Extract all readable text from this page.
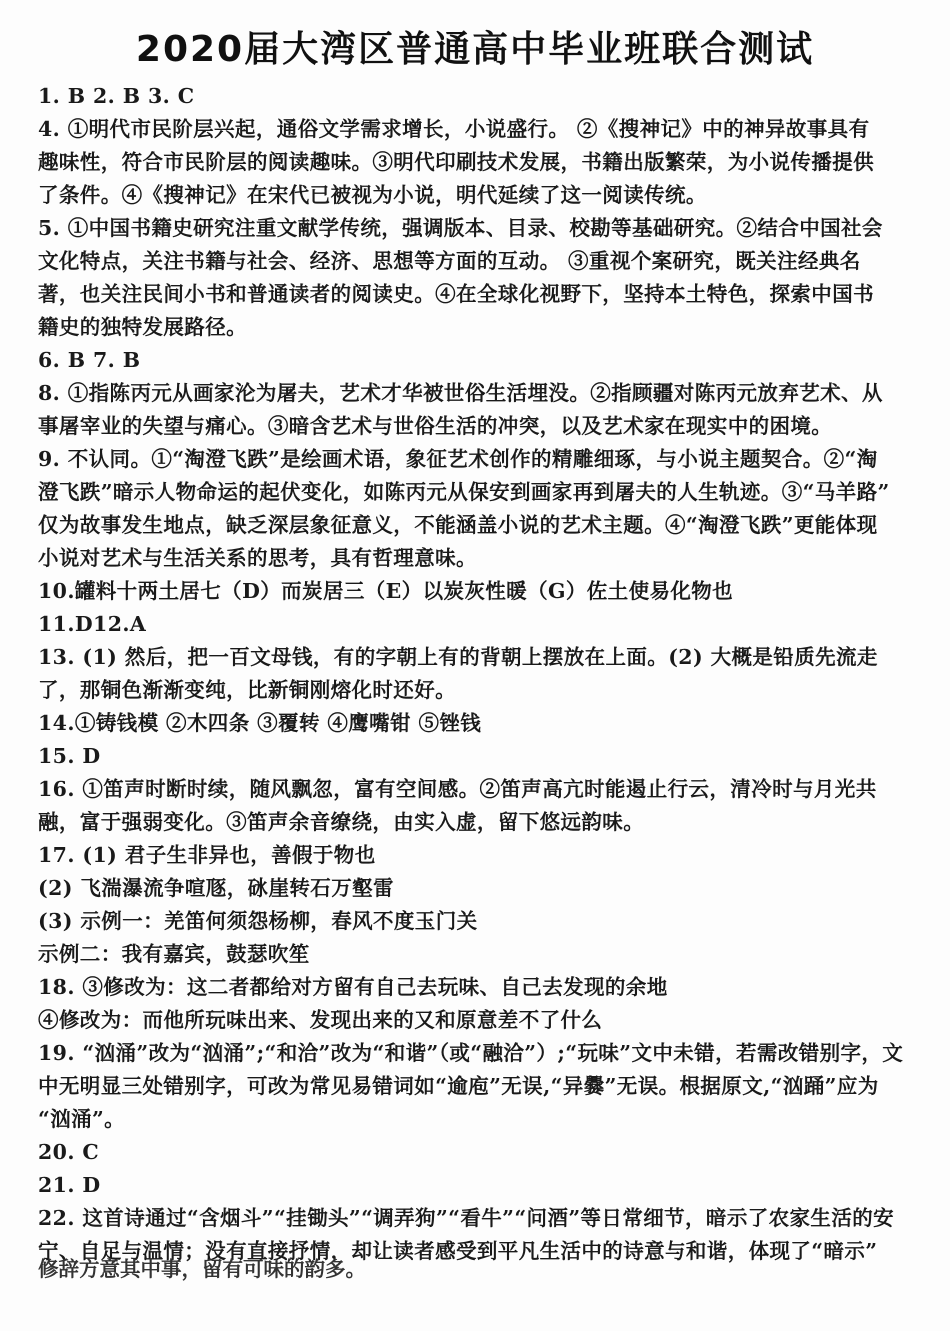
2020届大湾区普通高中毕业班联合测试
1. B 2. B 3. C
4. ①明代市民阶层兴起，通俗文学需求增长，小说盛行。 ②《搜神记》中的神异故事具有
趣味性，符合市民阶层的阅读趣味。③明代印刷技术发展，书籍出版繁荣，为小说传播提供
了条件。④《搜神记》在宋代已被视为小说，明代延续了这一阅读传统。
5. ①中国书籍史研究注重文献学传统，强调版本、目录、校勘等基础研究。②结合中国社会
文化特点，关注书籍与社会、经济、思想等方面的互动。 ③重视个案研究，既关注经典名
著，也关注民间小书和普通读者的阅读史。④在全球化视野下，坚持本土特色，探索中国书
籍史的独特发展路径。
6. B 7. B
8. ①指陈丙元从画家沦为屠夫，艺术才华被世俗生活埋没。②指顾疆对陈丙元放弃艺术、从
事屠宰业的失望与痛心。③暗含艺术与世俗生活的冲突，以及艺术家在现实中的困境。
9. 不认同。①“淘澄飞跌”是绘画术语，象征艺术创作的精雕细琢，与小说主题契合。②“淘
澄飞跌”暗示人物命运的起伏变化，如陈丙元从保安到画家再到屠夫的人生轨迹。③“马羊路”
仅为故事发生地点，缺乏深层象征意义，不能涵盖小说的艺术主题。④“淘澄飞跌”更能体现
小说对艺术与生活关系的思考，具有哲理意味。
10.罐料十两土居七（D）而炭居三（E）以炭灰性暖（G）佐土使易化物也
11.D12.A
13. (1) 然后，把一百文母钱，有的字朝上有的背朝上摆放在上面。(2) 大概是铅质先流走
了，那铜色渐渐变纯，比新铜刚熔化时还好。
14.①铸钱模 ②木四条 ③覆转 ④鹰嘴钳 ⑤锉钱
15. D
16. ①笛声时断时续，随风飘忽，富有空间感。②笛声高亢时能遏止行云，清冷时与月光共
融，富于强弱变化。③笛声余音缭绕，由实入虚，留下悠远韵味。
17. (1) 君子生非异也，善假于物也
(2) 飞湍瀑流争喧豗，砯崖转石万壑雷
(3) 示例一：羌笛何须怨杨柳，春风不度玉门关
示例二：我有嘉宾，鼓瑟吹笙
18. ③修改为：这二者都给对方留有自己去玩味、自己去发现的余地
④修改为：而他所玩味出来、发现出来的又和原意差不了什么
19. “汹涌”改为“汹涌”;“和洽”改为“和谐”（或“融洽”）;“玩味”文中未错，若需改错别字，文
中无明显三处错别字，可改为常见易错词如“逾庖”无误,“异爨”无误。根据原文,“汹踊”应为
“汹涌”。
20. C
21. D
22. 这首诗通过“含烟斗”“挂锄头”“调弄狗”“看牛”“问酒”等日常细节，暗示了农家生活的安
宁、自足与温情；没有直接抒情，却让读者感受到平凡生活中的诗意与和谐，体现了“暗示”
修辞方意其中事，留有可味的韵多。
